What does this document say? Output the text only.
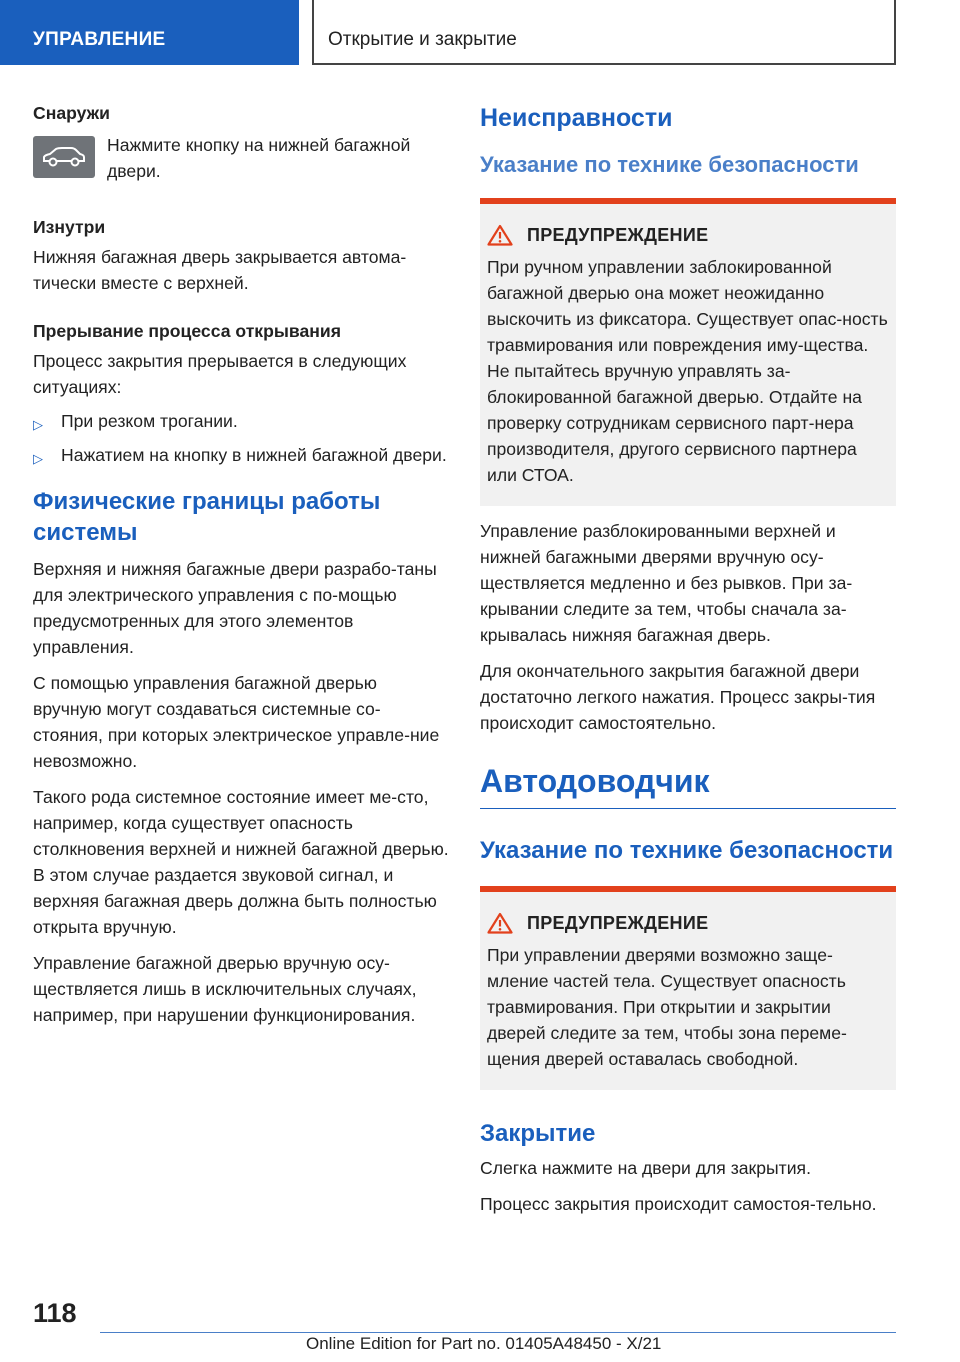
УПРАВЛЕНИЕ	Открытие и закрытие
Снаружи
Нажмите кнопку на нижней багажной двери.
Изнутри
Нижняя багажная дверь закрывается автома-тически вместе с верхней.
Прерывание процесса открывания
Процесс закрытия прерывается в следующих ситуациях:
▷ При резком трогании.
▷ Нажатием на кнопку в нижней багажной двери.
Физические границы работы системы
Верхняя и нижняя багажные двери разрабо-таны для электрического управления с по-мощью предусмотренных для этого элементов управления.
С помощью управления багажной дверью вручную могут создаваться системные со-стояния, при которых электрическое управле-ние невозможно.
Такого рода системное состояние имеет ме-сто, например, когда существует опасность столкновения верхней и нижней багажной дверью. В этом случае раздается звуковой сигнал, и верхняя багажная дверь должна быть полностью открыта вручную.
Управление багажной дверью вручную осу-ществляется лишь в исключительных случаях, например, при нарушении функционирования.
Неисправности
Указание по технике безопасности
ПРЕДУПРЕЖДЕНИЕ
При ручном управлении заблокированной багажной дверью она может неожиданно выскочить из фиксатора. Существует опас-ность травмирования или повреждения иму-щества. Не пытайтесь вручную управлять за-блокированной багажной дверью. Отдайте на проверку сотрудникам сервисного парт-нера производителя, другого сервисного партнера или СТОА.
Управление разблокированными верхней и нижней багажными дверями вручную осу-ществляется медленно и без рывков. При за-крывании следите за тем, чтобы сначала за-крывалась нижняя багажная дверь.
Для окончательного закрытия багажной двери достаточно легкого нажатия. Процесс закры-тия происходит самостоятельно.
Автодоводчик
Указание по технике безопасности
ПРЕДУПРЕЖДЕНИЕ
При управлении дверями возможно заще-мление частей тела. Существует опасность травмирования. При открытии и закрытии дверей следите за тем, чтобы зона переме-щения дверей оставалась свободной.
Закрытие
Слегка нажмите на двери для закрытия.
Процесс закрытия происходит самостоя-тельно.
118
Online Edition for Part no. 01405A48450 - X/21
